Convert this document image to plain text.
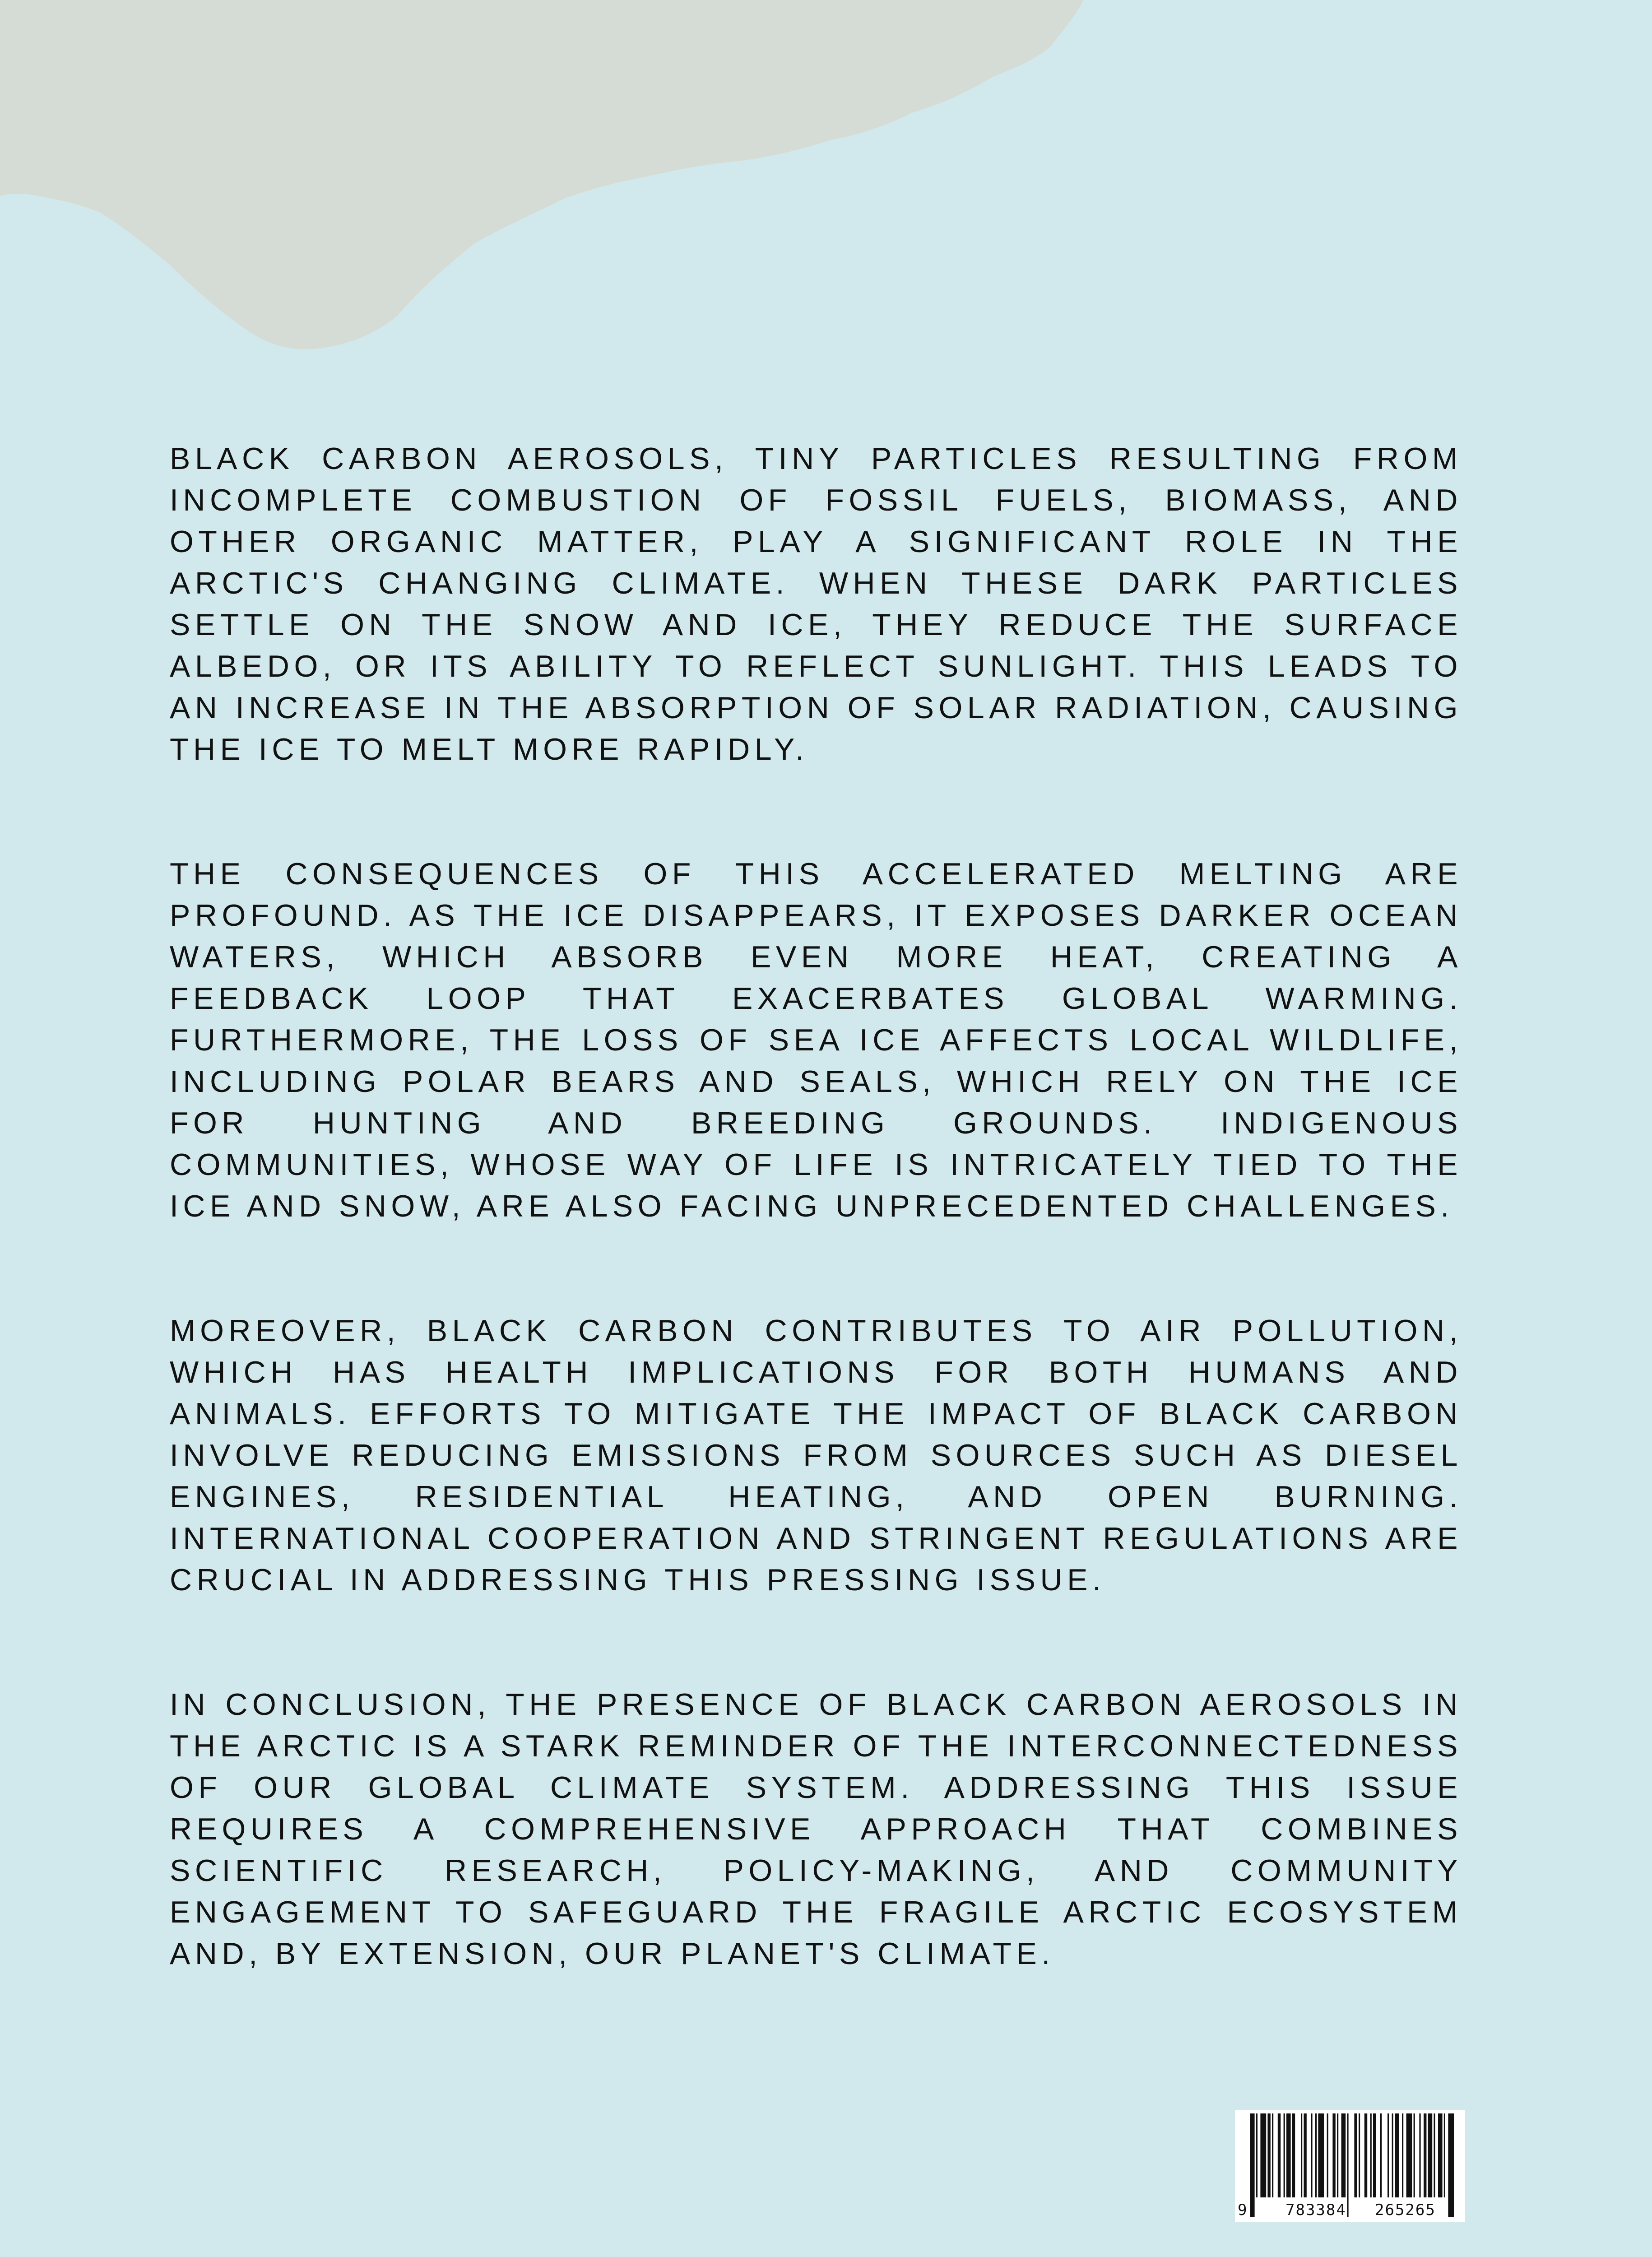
BLACK CARBON AEROSOLS, TINY PARTICLES RESULTING FROM INCOMPLETE COMBUSTION OF FOSSIL FUELS, BIOMASS, AND OTHER ORGANIC MATTER, PLAY A SIGNIFICANT ROLE IN THE ARCTIC'S CHANGING CLIMATE. WHEN THESE DARK PARTICLES SETTLE ON THE SNOW AND ICE, THEY REDUCE THE SURFACE ALBEDO, OR ITS ABILITY TO REFLECT SUNLIGHT. THIS LEADS TO AN INCREASE IN THE ABSORPTION OF SOLAR RADIATION, CAUSING THE ICE TO MELT MORE RAPIDLY.

THE CONSEQUENCES OF THIS ACCELERATED MELTING ARE PROFOUND. AS THE ICE DISAPPEARS, IT EXPOSES DARKER OCEAN WATERS, WHICH ABSORB EVEN MORE HEAT, CREATING A FEEDBACK LOOP THAT EXACERBATES GLOBAL WARMING. FURTHERMORE, THE LOSS OF SEA ICE AFFECTS LOCAL WILDLIFE, INCLUDING POLAR BEARS AND SEALS, WHICH RELY ON THE ICE FOR HUNTING AND BREEDING GROUNDS. INDIGENOUS COMMUNITIES, WHOSE WAY OF LIFE IS INTRICATELY TIED TO THE ICE AND SNOW, ARE ALSO FACING UNPRECEDENTED CHALLENGES.

MOREOVER, BLACK CARBON CONTRIBUTES TO AIR POLLUTION, WHICH HAS HEALTH IMPLICATIONS FOR BOTH HUMANS AND ANIMALS. EFFORTS TO MITIGATE THE IMPACT OF BLACK CARBON INVOLVE REDUCING EMISSIONS FROM SOURCES SUCH AS DIESEL ENGINES, RESIDENTIAL HEATING, AND OPEN BURNING. INTERNATIONAL COOPERATION AND STRINGENT REGULATIONS ARE CRUCIAL IN ADDRESSING THIS PRESSING ISSUE.

IN CONCLUSION, THE PRESENCE OF BLACK CARBON AEROSOLS IN THE ARCTIC IS A STARK REMINDER OF THE INTERCONNECTEDNESS OF OUR GLOBAL CLIMATE SYSTEM. ADDRESSING THIS ISSUE REQUIRES A COMPREHENSIVE APPROACH THAT COMBINES SCIENTIFIC RESEARCH, POLICY-MAKING, AND COMMUNITY ENGAGEMENT TO SAFEGUARD THE FRAGILE ARCTIC ECOSYSTEM AND, BY EXTENSION, OUR PLANET'S CLIMATE.

9	783384 265265
